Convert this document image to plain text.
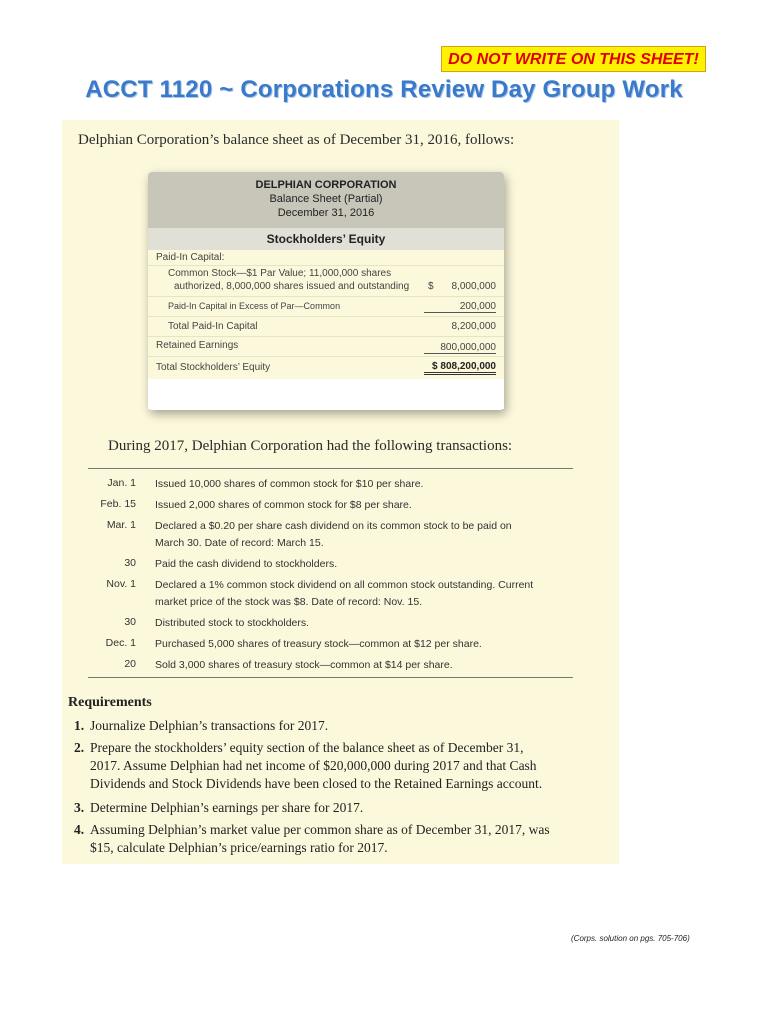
DO NOT WRITE ON THIS SHEET!
ACCT 1120 ~ Corporations Review Day Group Work
Delphian Corporation’s balance sheet as of December 31, 2016, follows:
DELPHIAN CORPORATION
Balance Sheet (Partial)
December 31, 2016
Stockholders’ Equity
Paid-In Capital:
Common Stock—$1 Par Value; 11,000,000 shares
authorized, 8,000,000 shares issued and outstanding $ 8,000,000
Paid-In Capital in Excess of Par—Common	200,000
Total Paid-In Capital	8,200,000
Retained Earnings	800,000,000
Total Stockholders’ Equity	$ 808,200,000
During 2017, Delphian Corporation had the following transactions:
Jan. 1 Issued 10,000 shares of common stock for $10 per share.
Feb. 15 Issued 2,000 shares of common stock for $8 per share.
Mar. 1 Declared a $0.20 per share cash dividend on its common stock to be paid on
March 30. Date of record: March 15.
30 Paid the cash dividend to stockholders.
Nov. 1 Declared a 1% common stock dividend on all common stock outstanding. Current
market price of the stock was $8. Date of record: Nov. 15.
30 Distributed stock to stockholders.
Dec. 1 Purchased 5,000 shares of treasury stock—common at $12 per share.
20 Sold 3,000 shares of treasury stock—common at $14 per share.
Requirements
1. Journalize Delphian’s transactions for 2017.
2. Prepare the stockholders’ equity section of the balance sheet as of December 31,
2017. Assume Delphian had net income of $20,000,000 during 2017 and that Cash
Dividends and Stock Dividends have been closed to the Retained Earnings account.
3. Determine Delphian’s earnings per share for 2017.
4. Assuming Delphian’s market value per common share as of December 31, 2017, was
$15, calculate Delphian’s price/earnings ratio for 2017.
(Corps. solution on pgs. 705-706)
